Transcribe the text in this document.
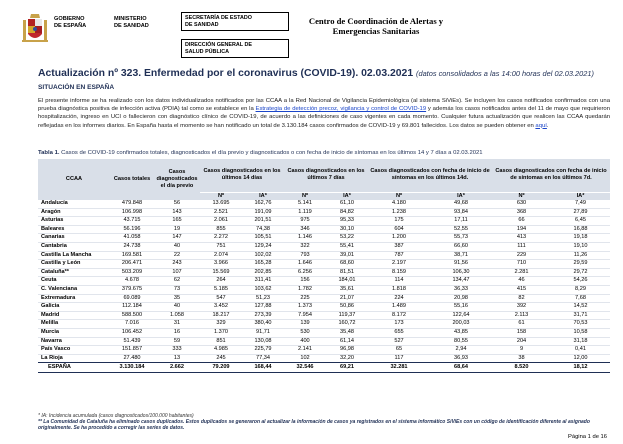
GOBIERNO
DE ESPAÑA
MINISTERIO
DE SANIDAD
SECRETARÍA DE ESTADO
DE SANIDAD
DIRECCIÓN GENERAL DE
SALUD PÚBLICA
Centro de Coordinación de Alertas y
Emergencias Sanitarias
Actualización nº 323. Enfermedad por el coronavirus (COVID-19). 02.03.2021 (datos consolidados a las 14:00 horas del 02.03.2021)
SITUACIÓN EN ESPAÑA
El presente informe se ha realizado con los datos individualizados notificados por las CCAA a la Red Nacional de Vigilancia Epidemiológica (al sistema SiViEs). Se incluyen los casos notificados confirmados con una prueba diagnóstica positiva de infección activa (PDIA) tal como se establece en la Estrategia de detección precoz, vigilancia y control de COVID-19 y además los casos notificados antes del 11 de mayo que requirieron hospitalización, ingreso en UCI o fallecieron con diagnóstico clínico de COVID-19, de acuerdo a las definiciones de caso vigentes en cada momento. Cualquier futura actualización que realicen las CCAA quedarán reflejadas en los informes diarios. En España hasta el momento se han notificado un total de 3.130.184 casos confirmados de COVID-19 y 69.801 fallecidos. Los datos se pueden obtener en aquí.
Tabla 1. Casos de COVID-19 confirmados totales, diagnosticados el día previo y diagnosticados o con fecha de inicio de síntomas en los últimos 14 y 7 días a 02.03.2021
CCAA	Casos totales	Casos diagnosticados el día previo	Casos diagnosticados en los últimos 14 días		Casos diagnosticados en los últimos 7 días		Casos diagnosticados con fecha de inicio de síntomas en los últimos 14d.		Casos diagnosticados con fecha de inicio de síntomas en los últimos 7d.	
			Nº	IA*	Nº	IA*	Nº	IA*	Nº	IA*
Andalucía	479.848	56	13.695	162,76	5.141	61,10	4.180	49,68	630	7,49
Aragón	106.998	143	2.521	191,09	1.119	84,82	1.238	93,84	368	27,89
Asturias	43.715	165	2.061	201,51	975	95,33	175	17,11	66	6,45
Baleares	56.196	19	855	74,38	346	30,10	604	52,55	194	16,88
Canarias	41.058	147	2.272	105,51	1.146	53,22	1.200	55,73	413	19,18
Cantabria	24.738	40	751	129,24	322	55,41	387	66,60	111	19,10
Castilla La Mancha	169.581	22	2.074	102,02	793	39,01	787	38,71	229	11,26
Castilla y León	206.471	243	3.966	165,28	1.646	68,60	2.197	91,56	710	29,59
Cataluña**	503.209	107	15.569	202,85	6.256	81,51	8.159	106,30	2.281	29,72
Ceuta	4.678	62	264	311,41	156	184,01	114	134,47	46	54,26
C. Valenciana	379.675	73	5.185	103,62	1.782	35,61	1.818	36,33	415	8,29
Extremadura	69.089	35	547	51,23	225	21,07	224	20,98	82	7,68
Galicia	112.184	40	3.452	127,88	1.373	50,86	1.489	55,16	392	14,52
Madrid	588.500	1.058	18.217	273,39	7.954	119,37	8.172	122,64	2.113	31,71
Melilla	7.016	31	329	380,40	139	160,72	173	200,03	61	70,53
Murcia	106.452	16	1.370	91,71	530	35,48	655	43,85	158	10,58
Navarra	51.439	59	851	130,08	400	61,14	527	80,55	204	31,18
País Vasco	151.857	333	4.985	225,79	2.141	96,98	65	2,94	9	0,41
La Rioja	27.480	13	245	77,34	102	32,20	117	36,93	38	12,00
ESPAÑA	3.130.184	2.662	79.209	168,44	32.546	69,21	32.281	68,64	8.520	18,12
* IA: Incidencia acumulada (casos diagnosticados/100.000 habitantes)
** La Comunidad de Cataluña ha eliminado casos duplicados. Estos duplicados se generaron al actualizar la información de casos ya registrados en el sistema informático SiViEs con un código de identificación diferente al asignado originalmente. Se ha procedido a corregir las series de datos.
Página 1 de 16
